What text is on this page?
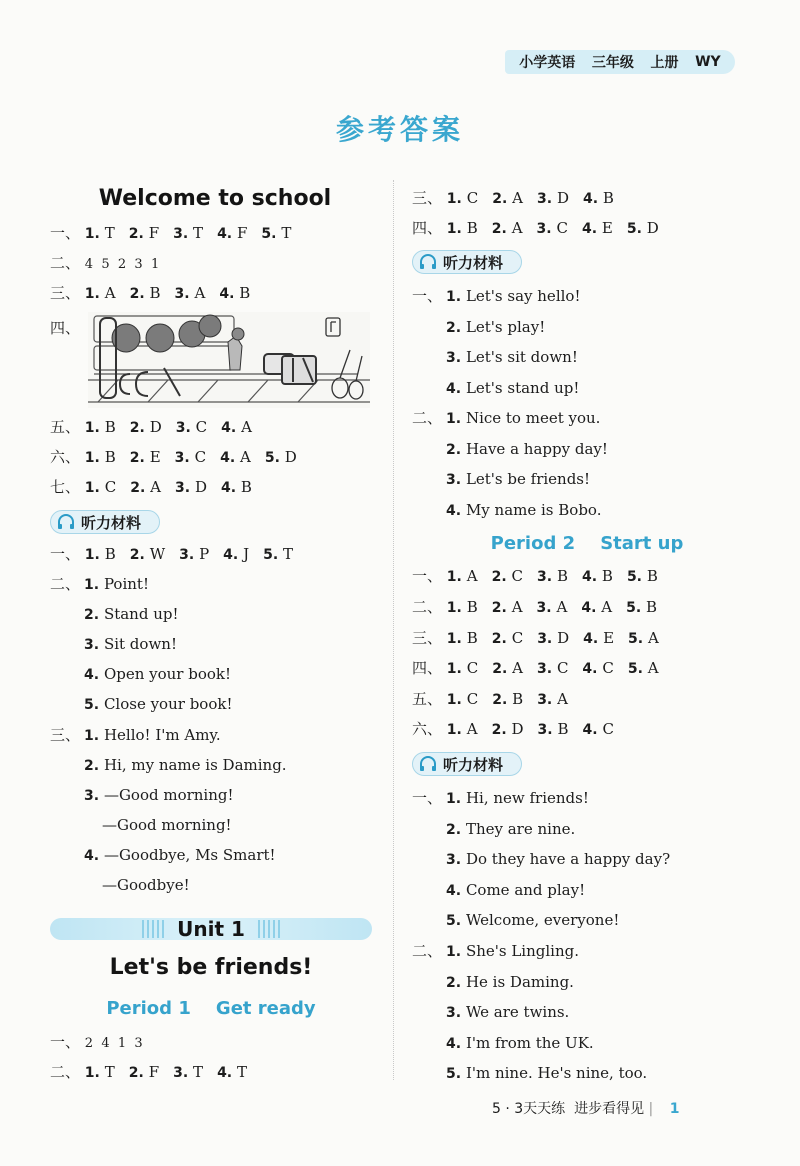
小学英语 三年级 上册 WY
参考答案
Welcome to school
一、 1. T 2. F 3. T 4. F 5. T
二、 4  5  2  3  1
三、 1. A 2. B 3. A 4. B
四、
五、 1. B 2. D 3. C 4. A
六、 1. B 2. E 3. C 4. A 5. D
七、 1. C 2. A 3. D 4. B
听力材料
一、 1. B 2. W 3. P 4. J 5. T
二、
三、
Unit 1
Let's be friends!
Period 1    Get ready
一、 2  4  1  3
二、 1. T 2. F 3. T 4. T
1. Point!
2. Stand up!
3. Sit down!
4. Open your book!
5. Close your book!
1. Hello! I'm Amy.
2. Hi, my name is Daming.
3. —Good morning!
—Good morning!
4. —Goodbye, Ms Smart!
—Goodbye!
三、 1. C 2. A 3. D 4. B
四、 1. B 2. A 3. C 4. E 5. D
听力材料
一、
二、
Period 2    Start up
一、 1. A 2. C 3. B 4. B 5. B
二、 1. B 2. A 3. A 4. A 5. B
三、 1. B 2. C 3. D 4. E 5. A
四、 1. C 2. A 3. C 4. C 5. A
五、 1. C 2. B 3. A
六、 1. A 2. D 3. B 4. C
听力材料
一、
二、
1. Let's say hello!
2. Let's play!
3. Let's sit down!
4. Let's stand up!
1. Nice to meet you.
2. Have a happy day!
3. Let's be friends!
4. My name is Bobo.
1. Hi, new friends!
2. They are nine.
3. Do they have a happy day?
4. Come and play!
5. Welcome, everyone!
1. She's Lingling.
2. He is Daming.
3. We are twins.
4. I'm from the UK.
5. I'm nine. He's nine, too.
5 · 3天天练  进步看得见 | 1
